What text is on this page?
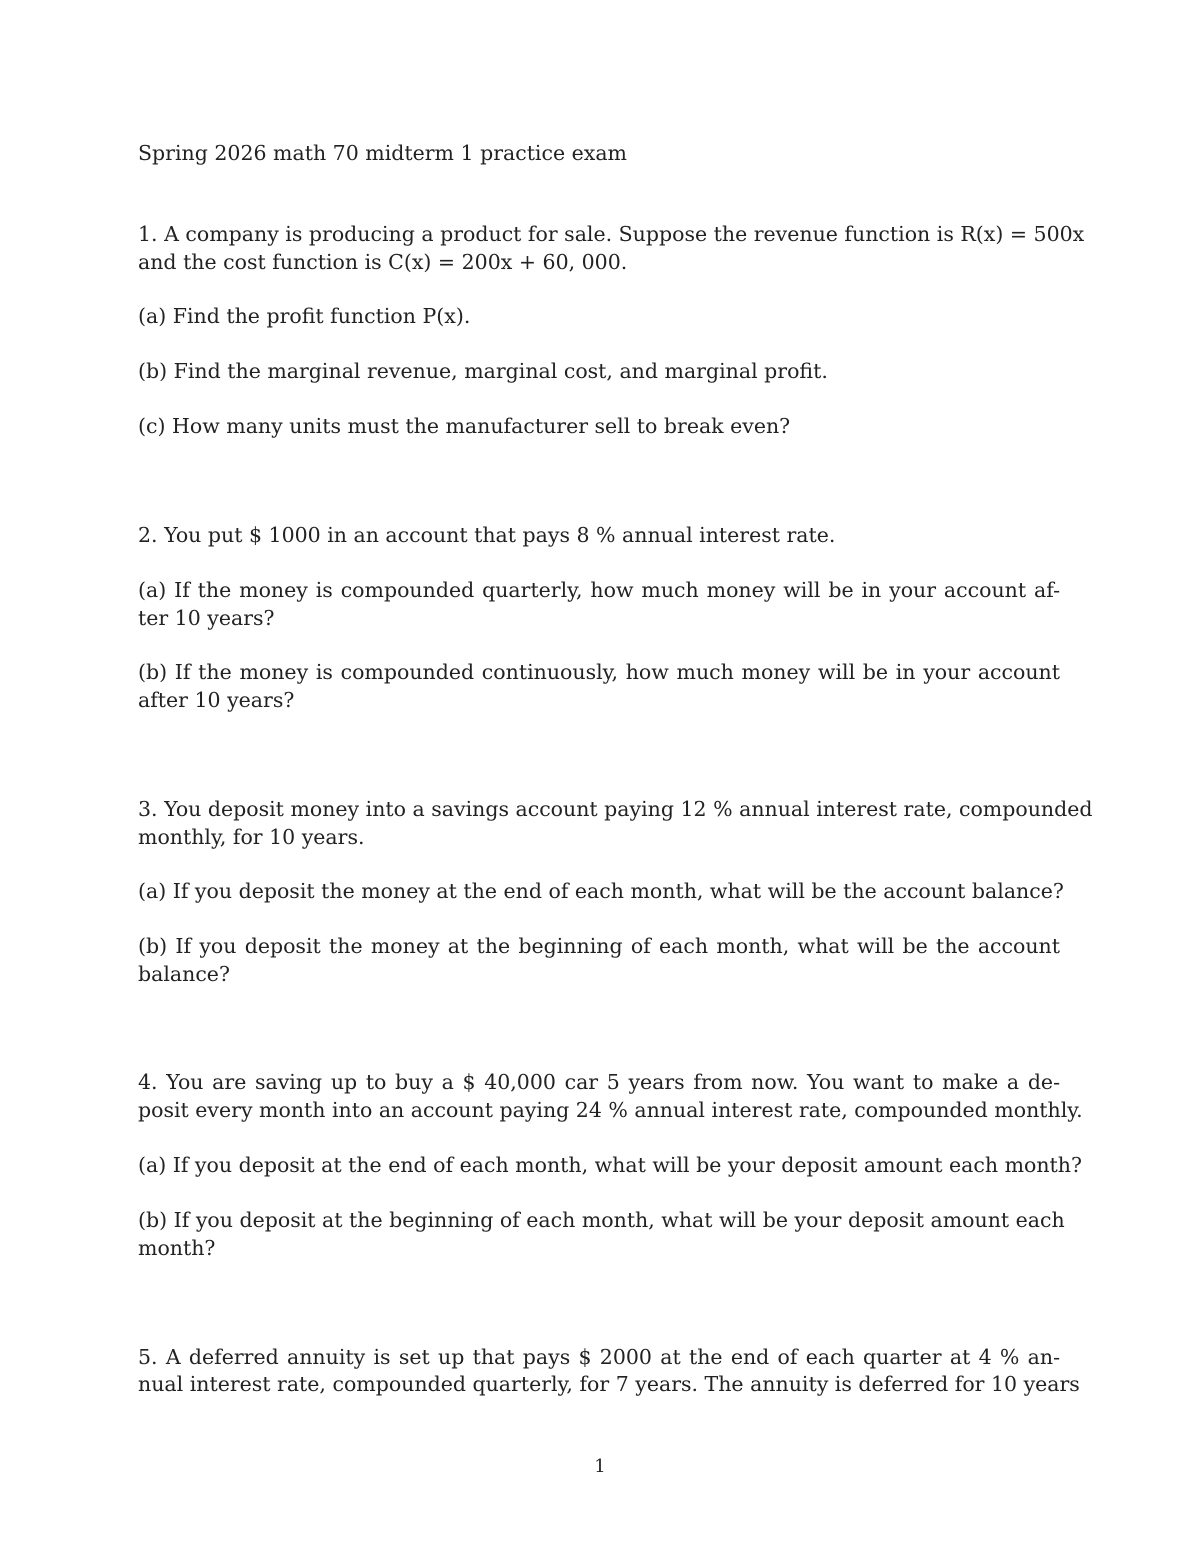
Spring 2026 math 70 midterm 1 practice exam
1. A company is producing a product for sale. Suppose the revenue function is R(x) = 500x
and the cost function is C(x) = 200x + 60, 000.
(a) Find the profit function P(x).
(b) Find the marginal revenue, marginal cost, and marginal profit.
(c) How many units must the manufacturer sell to break even?
2. You put $ 1000 in an account that pays 8 % annual interest rate.
(a) If the money is compounded quarterly, how much money will be in your account af-
ter 10 years?
(b) If the money is compounded continuously, how much money will be in your account
after 10 years?
3. You deposit money into a savings account paying 12 % annual interest rate, compounded
monthly, for 10 years.
(a) If you deposit the money at the end of each month, what will be the account balance?
(b) If you deposit the money at the beginning of each month, what will be the account
balance?
4. You are saving up to buy a $ 40,000 car 5 years from now. You want to make a de-
posit every month into an account paying 24 % annual interest rate, compounded monthly.
(a) If you deposit at the end of each month, what will be your deposit amount each month?
(b) If you deposit at the beginning of each month, what will be your deposit amount each
month?
5. A deferred annuity is set up that pays $ 2000 at the end of each quarter at 4 % an-
nual interest rate, compounded quarterly, for 7 years. The annuity is deferred for 10 years
1
